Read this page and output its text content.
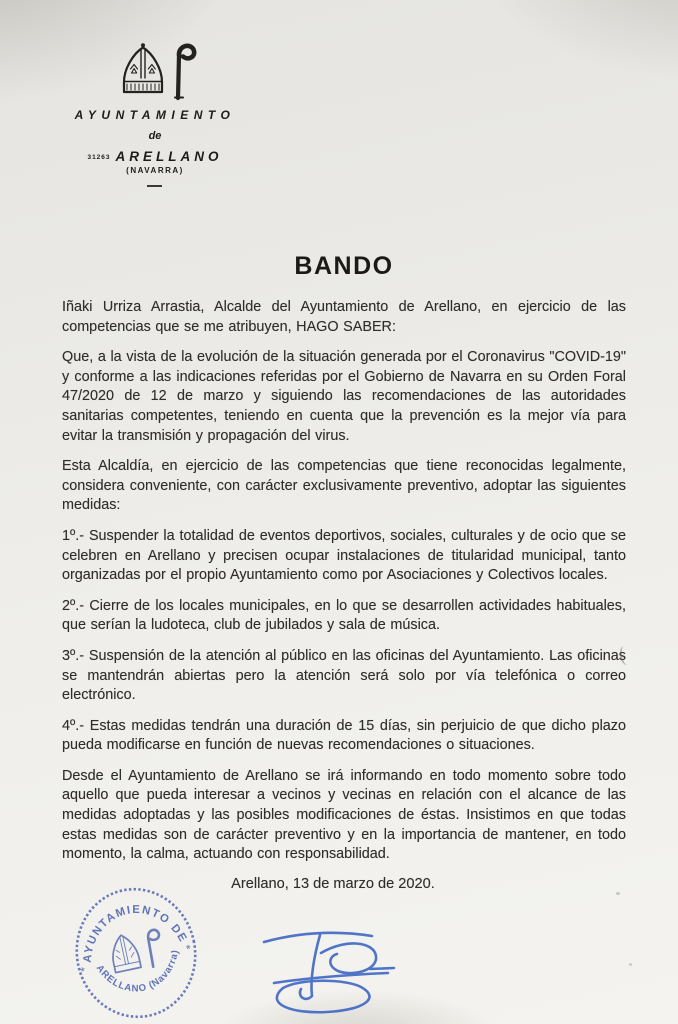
AYUNTAMIENTO
de
31263 ARELLANO
(NAVARRA)
BANDO

Iñaki Urriza Arrastia, Alcalde del Ayuntamiento de Arellano, en ejercicio de las competencias que se me atribuyen, HAGO SABER:

Que, a la vista de la evolución de la situación generada por el Coronavirus "COVID-19" y conforme a las indicaciones referidas por el Gobierno de Navarra en su Orden Foral 47/2020 de 12 de marzo y siguiendo las recomendaciones de las autoridades sanitarias competentes, teniendo en cuenta que la prevención es la mejor vía para evitar la transmisión y propagación del virus.

Esta Alcaldía, en ejercicio de las competencias que tiene reconocidas legalmente, considera conveniente, con carácter exclusivamente preventivo, adoptar las siguientes medidas:

1º.- Suspender la totalidad de eventos deportivos, sociales, culturales y de ocio que se celebren en Arellano y precisen ocupar instalaciones de titularidad municipal, tanto organizadas por el propio Ayuntamiento como por Asociaciones y Colectivos locales.

2º.- Cierre de los locales municipales, en lo que se desarrollen actividades habituales, que serían la ludoteca, club de jubilados y sala de música.

3º.- Suspensión de la atención al público en las oficinas del Ayuntamiento. Las oficinas se mantendrán abiertas pero la atención será solo por vía telefónica o correo electrónico.

4º.- Estas medidas tendrán una duración de 15 días, sin perjuicio de que dicho plazo pueda modificarse en función de nuevas recomendaciones o situaciones.

Desde el Ayuntamiento de Arellano se irá informando en todo momento sobre todo aquello que pueda interesar a vecinos y vecinas en relación con el alcance de las medidas adoptadas y las posibles modificaciones de éstas. Insistimos en que todas estas medidas son de carácter preventivo y en la importancia de mantener, en todo momento, la calma, actuando con responsabilidad.

Arellano, 13 de marzo de 2020.
AYUNTAMIENTO DE
ARELLANO (Navarra)
*
*
